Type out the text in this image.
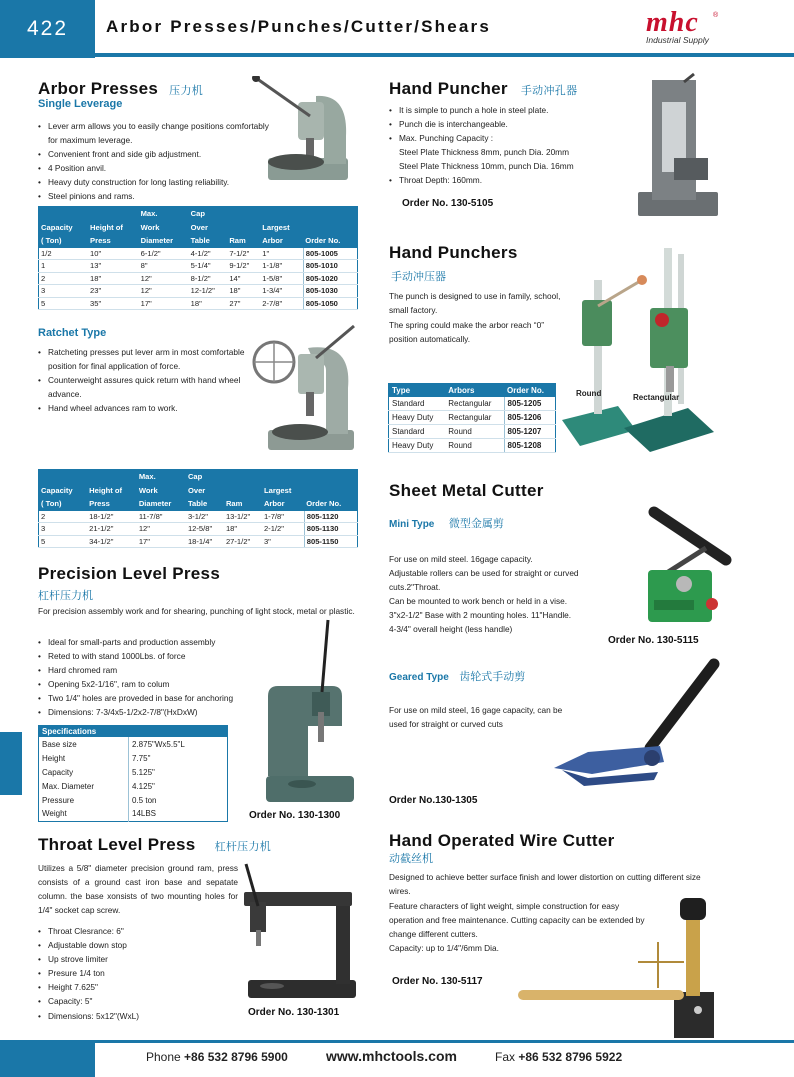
422 Arbor Presses/Punches/Cutter/Shears	mhc	®
Industrial Supply
Arbor Presses 压力机
Single Leverage
• Lever arm allows you to easily change positions comfortably for maximum leverage.
• Convenient front and side gib adjustment.
• 4 Position anvil.
• Heavy duty construction for long lasting reliability.
• Steel pinions and rams.
		Max.	Cap			
Capacity	Height of	Work	Over		Largest	
( Ton)	Press	Diameter	Table	Ram	Arbor	Order No.
1/2	10"	6-1/2"	4-1/2"	7-1/2"	1"	805-1005
1	13"	8"	5-1/4"	9-1/2"	1-1/8"	805-1010
2	18"	12"	8-1/2"	14"	1-5/8"	805-1020
3	23"	12"	12-1/2"	18"	1-3/4"	805-1030
5	35"	17"	18"	27"	2-7/8"	805-1050
Ratchet Type
• Ratcheting presses put lever arm in most comfortable position for final application of force.
• Counterweight assures quick return with hand wheel advance.
• Hand wheel advances ram to work.
		Max.	Cap			
Capacity	Height of	Work	Over		Largest	
( Ton)	Press	Diameter	Table	Ram	Arbor	Order No.
2	18-1/2"	11-7/8"	3-1/2"	13-1/2"	1-7/8"	805-1120
3	21-1/2"	12"	12-5/8"	18"	2-1/2"	805-1130
5	34-1/2"	17"	18-1/4"	27-1/2"	3"	805-1150
Precision Level Press
杠杆压力机
For precision assembly work and for shearing, punching of light stock, metal or plastic.
• Ideal for small-parts and production assembly
• Reted to with stand 1000Lbs. of force
• Hard chromed ram
• Opening 5x2-1/16", ram to colum
• Two 1/4" holes are proveded in base for anchoring
• Dimensions: 7-3/4x5-1/2x2-7/8"(HxDxW)
Specifications	
Base size	2.875"Wx5.5"L
Height	7.75"
Capacity	5.125"
Max. Diameter	4.125"
Pressure	0.5 ton
Weight	14LBS	Order No. 130-1300
Throat Level Press 杠杆压力机
Utilizes a 5/8" diameter precision ground ram, press consists of a ground cast iron base and sepatate column. the base xonsists of two mounting holes for 1/4" socket cap screw.
• Throat Clesrance: 6"
• Adjustable down stop
• Up strove limiter
• Presure 1/4 ton
• Height 7.625"
• Capacity: 5"
• Dimensions: 5x12"(WxL)	Order No. 130-1301
Hand Puncher 手动冲孔器
• It is simple to punch a hole in steel plate.
• Punch die is interchangeable.
• Max. Punching Capacity :
Steel Plate Thickness 8mm, punch Dia. 20mm
Steel Plate Thickness 10mm, punch Dia. 16mm
• Throat Depth: 160mm.
Order No. 130-5105
Hand Punchers
手动冲压器
The punch is designed to use in family, school, small factory.
The spring could make the arbor reach “0” position automatically.
Type	Arbors	Order No.
Standard	Rectangular	805-1205
Heavy Duty	Rectangular	805-1206
Standard	Round	805-1207
Heavy Duty	Round	805-1208
Round	Rectangular
Sheet Metal Cutter
Mini Type 微型金属剪
For use on mild steel. 16gage capacity.
Adjustable rollers can be used for straight or curved cuts.2"Throat.
Can be mounted to work bench or held in a vise.
3"x2-1/2" Base with 2 mounting holes. 11"Handle.
4-3/4" overall height (less handle)
Order No. 130-5115
Geared Type 齿轮式手动剪
For use on mild steel, 16 gage capacity, can be used for straight or curved cuts
Order No.130-1305
Hand Operated Wire Cutter
动截丝机
Designed to achieve better surface finish and lower distortion on cutting different size wires.
Feature characters of light weight, simple construction for easy operation and free maintenance. Cutting capacity can be extended by change different cutters.
Capacity: up to 1/4"/6mm Dia.
Order No. 130-5117
Phone +86 532 8796 5900	www.mhctools.com	Fax +86 532 8796 5922
